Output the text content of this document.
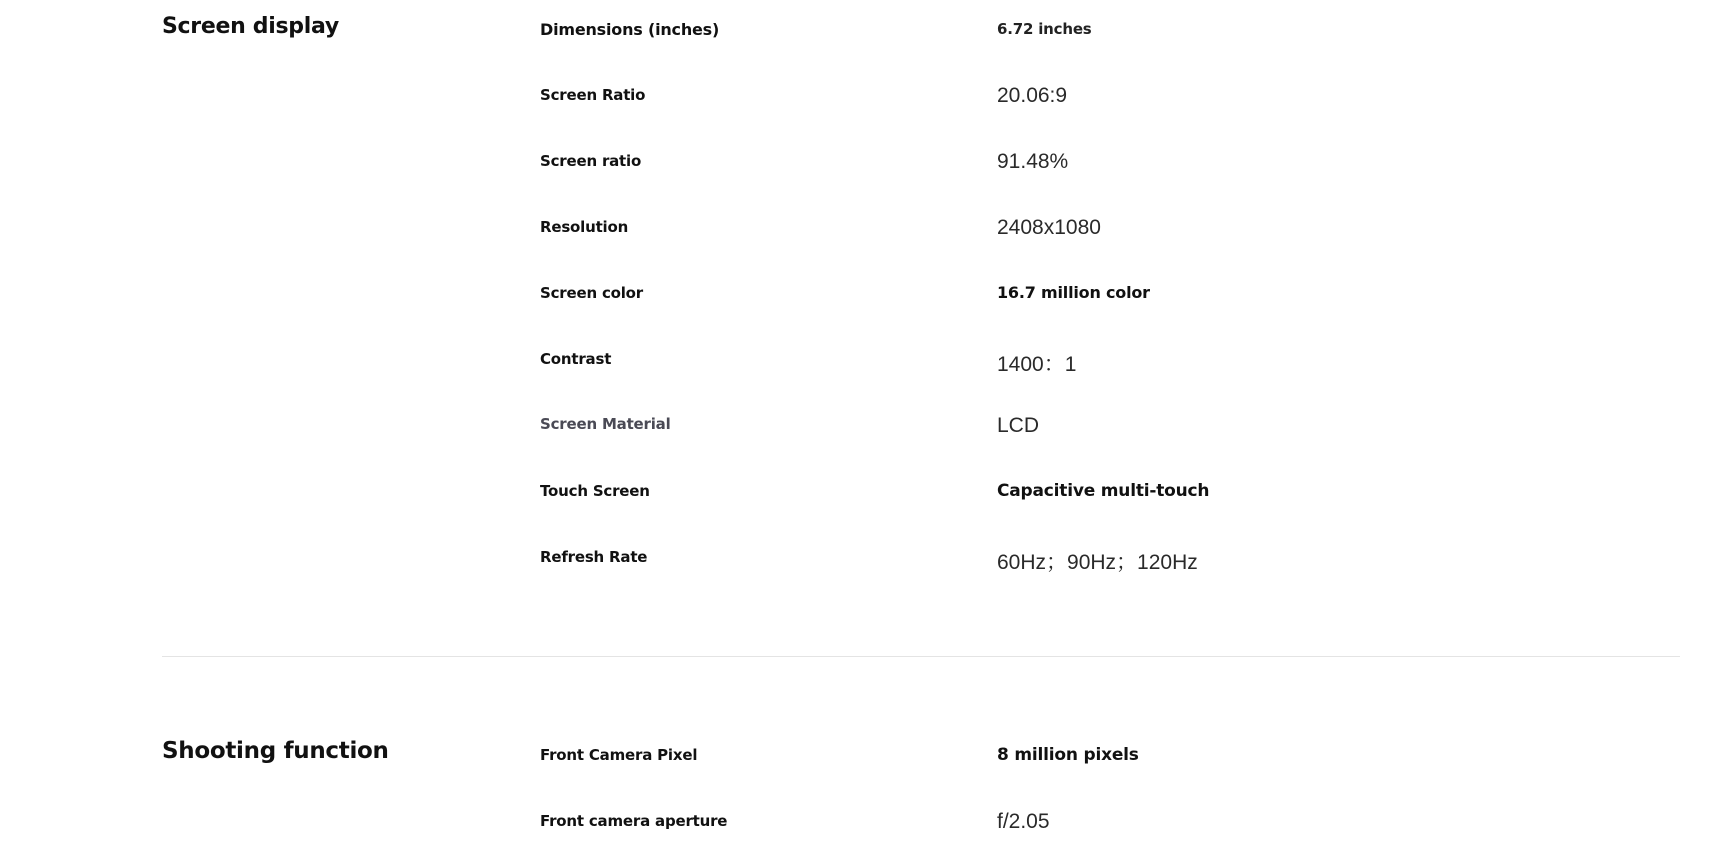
Screen display	Dimensions (inches)	6.72 inches
Screen Ratio	20.06:9
Screen ratio	91.48%
Resolution	2408x1080
Screen color	16.7 million color
Contrast	1400：1
Screen Material	LCD
Touch Screen	Capacitive multi-touch
Refresh Rate	60Hz；90Hz；120Hz
Shooting function	Front Camera Pixel	8 million pixels
Front camera aperture	f/2.05
